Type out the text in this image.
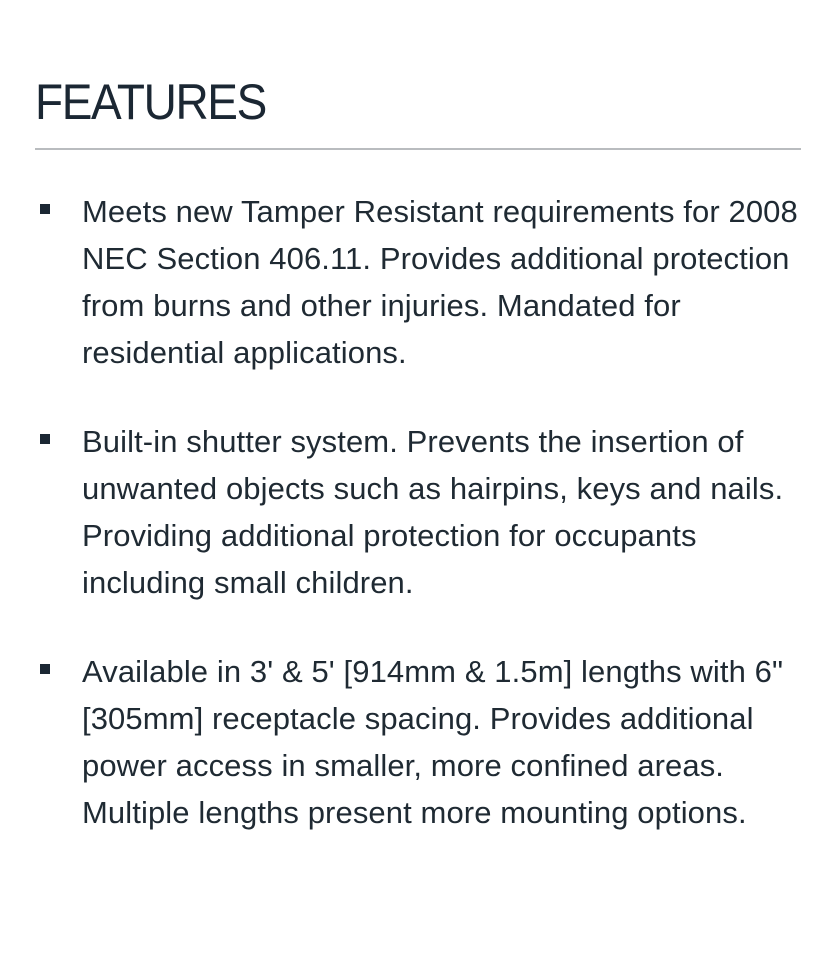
FEATURES
Meets new Tamper Resistant requirements for 2008 NEC Section 406.11. Provides additional protection from burns and other injuries. Mandated for residential applications.
Built-in shutter system. Prevents the insertion of unwanted objects such as hairpins, keys and nails. Providing additional protection for occupants including small children.
Available in 3' & 5' [914mm & 1.5m] lengths with 6" [305mm] receptacle spacing. Provides additional power access in smaller, more confined areas. Multiple lengths present more mounting options.
